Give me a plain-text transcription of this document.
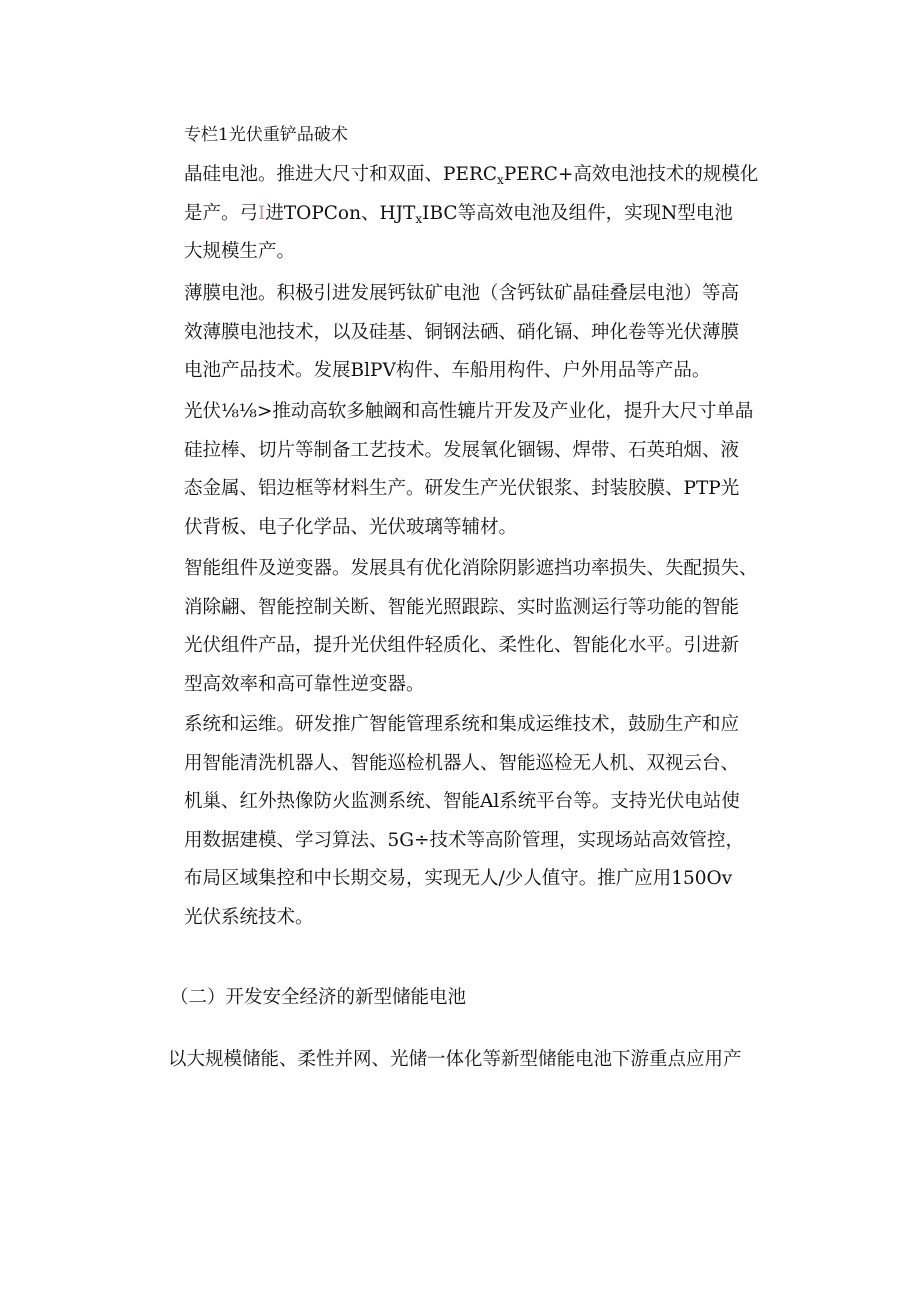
专栏1光伏重铲品破术
晶硅电池。推进大尺寸和双面、$PERC_xPERC+$高效电池技术的规模化
是产。弓I进TOPCon、$HJT_xIBC$等高效电池及组件，实现N型电池
大规模生产。
薄膜电池。积极引进发展钙钛矿电池（含钙钛矿晶硅叠层电池）等高
效薄膜电池技术，以及硅基、铜钢法硒、硝化镉、珅化卷等光伏薄膜
电池产品技术。发展BlPV构件、车船用构件、户外用品等产品。
光伏⅛⅛>推动高软多触阚和高性辘片开发及产业化，提升大尺寸单晶
硅拉棒、切片等制备工艺技术。发展氧化锢锡、焊带、石英珀烟、液
态金属、铝边框等材料生产。研发生产光伏银浆、封装胶膜、PTP光
伏背板、电子化学品、光伏玻璃等辅材。
智能组件及逆变器。发展具有优化消除阴影遮挡功率损失、失配损失、
消除翩、智能控制关断、智能光照跟踪、实时监测运行等功能的智能
光伏组件产品，提升光伏组件轻质化、柔性化、智能化水平。引进新
型高效率和高可靠性逆变器。
系统和运维。研发推广智能管理系统和集成运维技术，鼓励生产和应
用智能清洗机器人、智能巡检机器人、智能巡检无人机、双视云台、
机巢、红外热像防火监测系统、智能Al系统平台等。支持光伏电站使
用数据建模、学习算法、5G÷技术等高阶管理，实现场站高效管控，
布局区域集控和中长期交易，实现无人/少人值守。推广应用150Ov
光伏系统技术。
（二）开发安全经济的新型储能电池
以大规模储能、柔性并网、光储一体化等新型储能电池下游重点应用产
